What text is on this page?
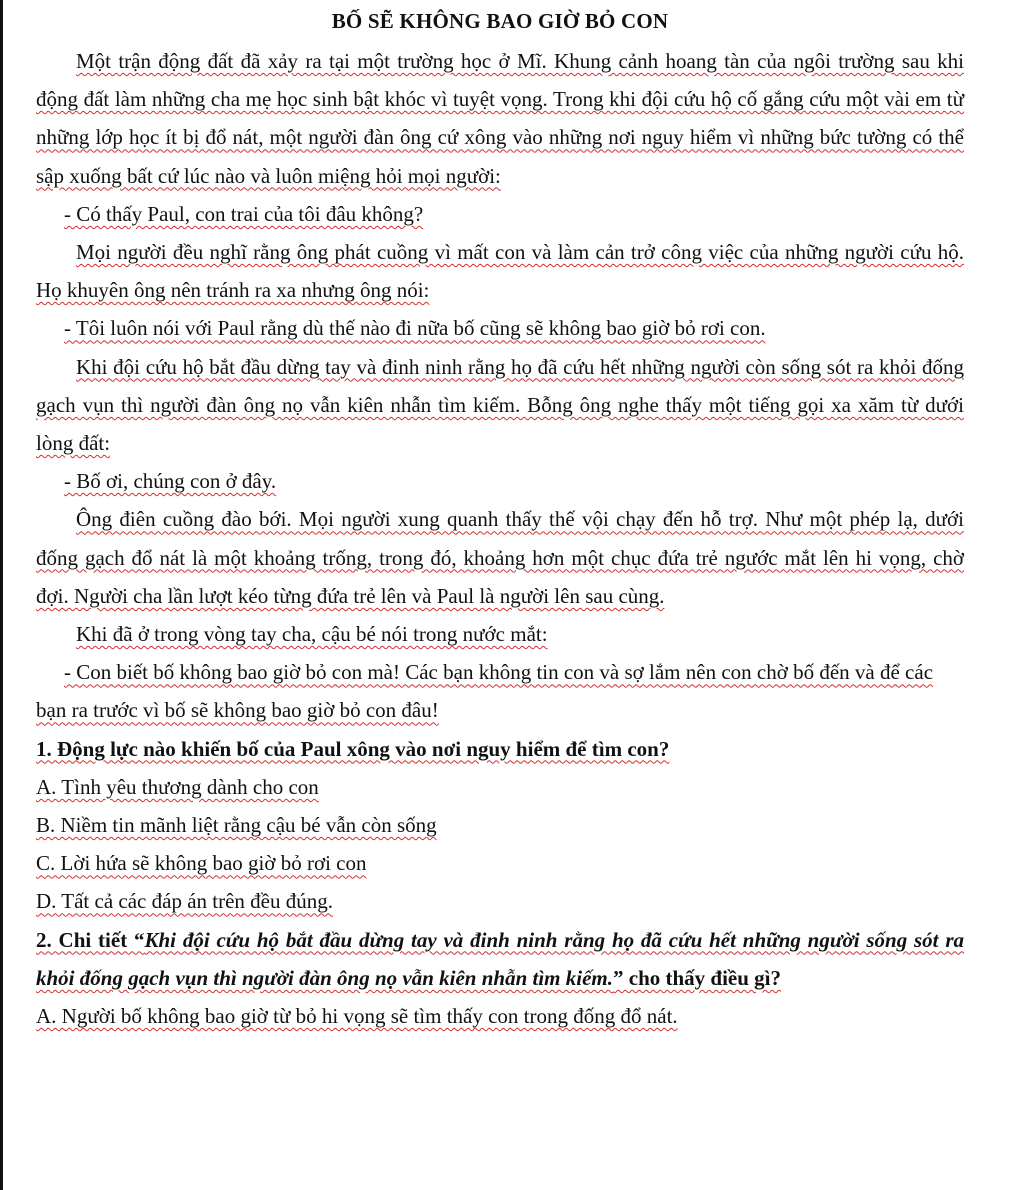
BỐ SẼ KHÔNG BAO GIỜ BỎ CON

Một trận động đất đã xảy ra tại một trường học ở Mĩ. Khung cảnh hoang tàn của ngôi trường sau khi động đất làm những cha mẹ học sinh bật khóc vì tuyệt vọng. Trong khi đội cứu hộ cố gắng cứu một vài em từ những lớp học ít bị đổ nát, một người đàn ông cứ xông vào những nơi nguy hiểm vì những bức tường có thể sập xuống bất cứ lúc nào và luôn miệng hỏi mọi người:

- Có thấy Paul, con trai của tôi đâu không?

Mọi người đều nghĩ rằng ông phát cuồng vì mất con và làm cản trở công việc của những người cứu hộ. Họ khuyên ông nên tránh ra xa nhưng ông nói:

- Tôi luôn nói với Paul rằng dù thế nào đi nữa bố cũng sẽ không bao giờ bỏ rơi con.

Khi đội cứu hộ bắt đầu dừng tay và đinh ninh rằng họ đã cứu hết những người còn sống sót ra khỏi đống gạch vụn thì người đàn ông nọ vẫn kiên nhẫn tìm kiếm. Bỗng ông nghe thấy một tiếng gọi xa xăm từ dưới lòng đất:

- Bố ơi, chúng con ở đây.

Ông điên cuồng đào bới. Mọi người xung quanh thấy thế vội chạy đến hỗ trợ. Như một phép lạ, dưới đống gạch đổ nát là một khoảng trống, trong đó, khoảng hơn một chục đứa trẻ ngước mắt lên hi vọng, chờ đợi. Người cha lần lượt kéo từng đứa trẻ lên và Paul là người lên sau cùng.

Khi đã ở trong vòng tay cha, cậu bé nói trong nước mắt:

- Con biết bố không bao giờ bỏ con mà! Các bạn không tin con và sợ lắm nên con chờ bố đến và để các bạn ra trước vì bố sẽ không bao giờ bỏ con đâu!

1. Động lực nào khiến bố của Paul xông vào nơi nguy hiểm để tìm con?

A. Tình yêu thương dành cho con

B. Niềm tin mãnh liệt rằng cậu bé vẫn còn sống

C. Lời hứa sẽ không bao giờ bỏ rơi con

D. Tất cả các đáp án trên đều đúng.

2. Chi tiết “Khi đội cứu hộ bắt đầu dừng tay và đinh ninh rằng họ đã cứu hết những người sống sót ra khỏi đống gạch vụn thì người đàn ông nọ vẫn kiên nhẫn tìm kiếm.” cho thấy điều gì?

A. Người bố không bao giờ từ bỏ hi vọng sẽ tìm thấy con trong đống đổ nát.
